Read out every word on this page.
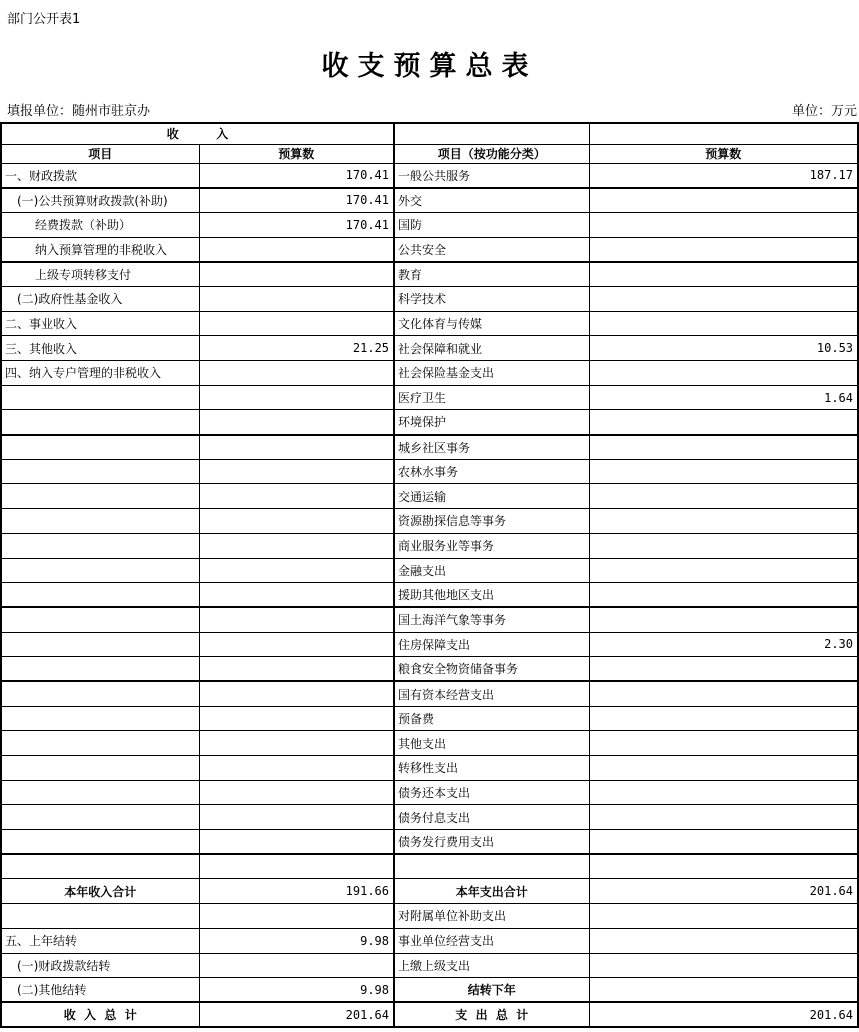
部门公开表1
收支预算总表
填报单位：随州市驻京办	单位：万元
收         入			
项目	预算数	项目（按功能分类）	预算数
一、财政拨款	170.41	一般公共服务	187.17
(一)公共预算财政拨款(补助)	170.41	外交	
经费拨款（补助）	170.41	国防	
纳入预算管理的非税收入		公共安全	
上级专项转移支付		教育	
(二)政府性基金收入		科学技术	
二、事业收入		文化体育与传媒	
三、其他收入	21.25	社会保障和就业	10.53
四、纳入专户管理的非税收入		社会保险基金支出	
		医疗卫生	1.64
		环境保护	
		城乡社区事务	
		农林水事务	
		交通运输	
		资源勘探信息等事务	
		商业服务业等事务	
		金融支出	
		援助其他地区支出	
		国土海洋气象等事务	
		住房保障支出	2.30
		粮食安全物资储备事务	
		国有资本经营支出	
		预备费	
		其他支出	
		转移性支出	
		债务还本支出	
		债务付息支出	
		债务发行费用支出	

本年收入合计	191.66	本年支出合计	201.64
		对附属单位补助支出	
五、上年结转	9.98	事业单位经营支出	
(一)财政拨款结转		上缴上级支出	
(二)其他结转	9.98	结转下年	
收  入  总  计	201.64	支  出  总  计	201.64
